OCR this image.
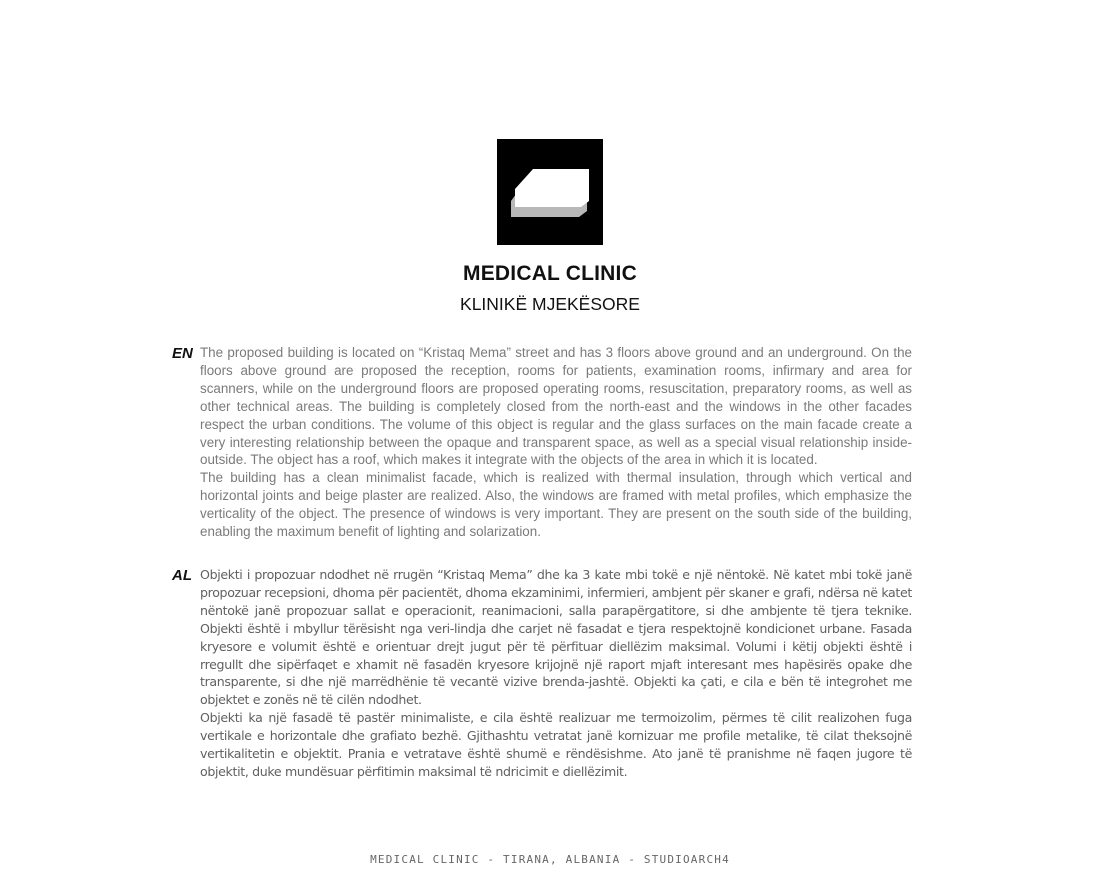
MEDICAL CLINIC
KLINIKË MJEKËSORE
EN The proposed building is located on “Kristaq Mema” street and has 3 floors above ground and an underground. On the floors above ground are proposed the reception, rooms for patients, examination rooms, infirmary and area for scanners, while on the underground floors are proposed operating rooms, resuscitation, preparatory rooms, as well as other technical areas. The building is completely closed from the north-east and the windows in the other facades respect the urban conditions. The volume of this object is regular and the glass surfaces on the main facade create a very interesting relationship between the opaque and transparent space, as well as a special visual relationship inside-outside. The object has a roof, which makes it integrate with the objects of the area in which it is located.

The building has a clean minimalist facade, which is realized with thermal insulation, through which vertical and horizontal joints and beige plaster are realized. Also, the windows are framed with metal profiles, which emphasize the verticality of the object. The presence of windows is very important. They are present on the south side of the building, enabling the maximum benefit of lighting and solarization.

AL Objekti i propozuar ndodhet në rrugën “Kristaq Mema” dhe ka 3 kate mbi tokë e një nëntokë. Në katet mbi tokë janë propozuar recepsioni, dhoma për pacientët, dhoma ekzaminimi, infermieri, ambjent për skaner e grafi, ndërsa në katet nëntokë janë propozuar sallat e operacionit, reanimacioni, salla parapërgatitore, si dhe ambjente të tjera teknike. Objekti është i mbyllur tërësisht nga veri-lindja dhe carjet në fasadat e tjera respektojnë kondicionet urbane. Fasada kryesore e volumit është e orientuar drejt jugut për të përfituar diellëzim maksimal. Volumi i këtij objekti është i rregullt dhe sipërfaqet e xhamit në fasadën kryesore krijojnë një raport mjaft interesant mes hapësirës opake dhe transparente, si dhe një marrëdhënie të vecantë vizive brenda-jashtë. Objekti ka çati, e cila e bën të integrohet me objektet e zonës në të cilën ndodhet.

Objekti ka një fasadë të pastër minimaliste, e cila është realizuar me termoizolim, përmes të cilit realizohen fuga vertikale e horizontale dhe grafiato bezhë. Gjithashtu vetratat janë kornizuar me profile metalike, të cilat theksojnë vertikalitetin e objektit. Prania e vetratave është shumë e rëndësishme. Ato janë të pranishme në faqen jugore të objektit, duke mundësuar përfitimin maksimal të ndricimit e diellëzimit.

MEDICAL CLINIC - TIRANA, ALBANIA - STUDIOARCH4
